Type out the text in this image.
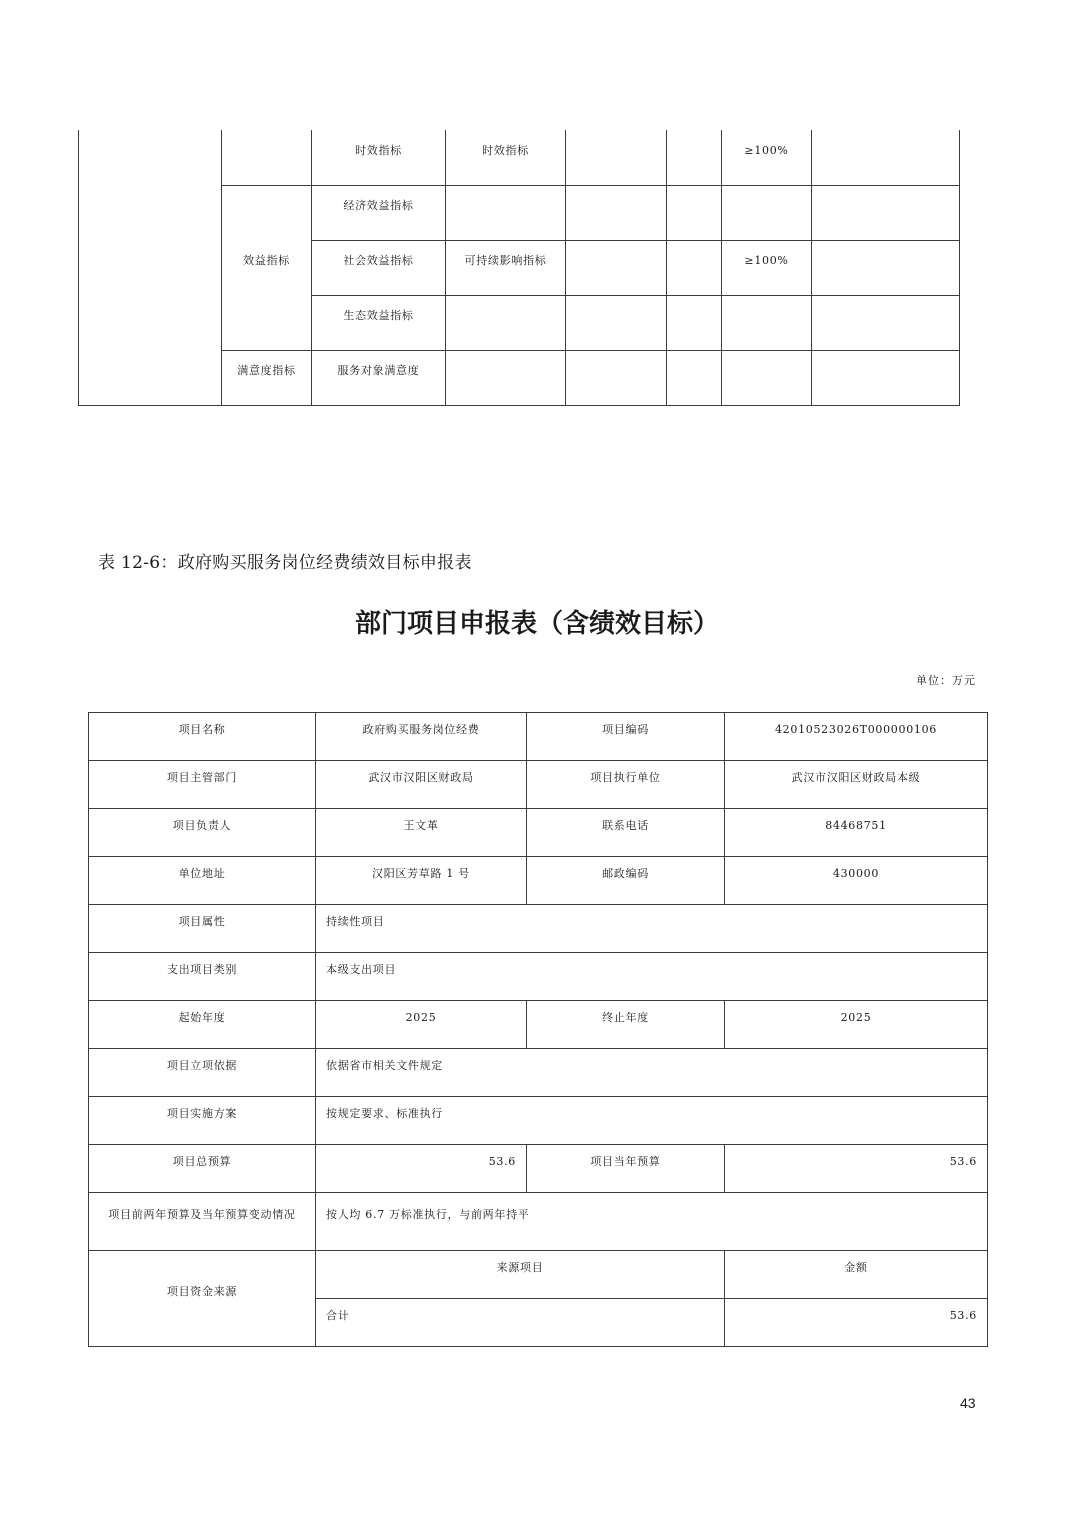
		时效指标	时效指标			≥100%	
	效益指标	经济效益指标					
		社会效益指标	可持续影响指标			≥100%	
		生态效益指标					
	满意度指标	服务对象满意度					
表 12-6：政府购买服务岗位经费绩效目标申报表
部门项目申报表（含绩效目标）
单位：万元
项目名称	政府购买服务岗位经费	项目编码	42010523026T000000106
项目主管部门	武汉市汉阳区财政局	项目执行单位	武汉市汉阳区财政局本级
项目负责人	王文革	联系电话	84468751
单位地址	汉阳区芳草路 1 号	邮政编码	430000
项目属性	持续性项目		
支出项目类别	本级支出项目		
起始年度	2025	终止年度	2025
项目立项依据	依据省市相关文件规定		
项目实施方案	按规定要求、标准执行		
项目总预算	53.6	项目当年预算	53.6
项目前两年预算及当年预算变动情况	按人均 6.7 万标准执行，与前两年持平		
项目资金来源	来源项目		金额
	合计		53.6
43
